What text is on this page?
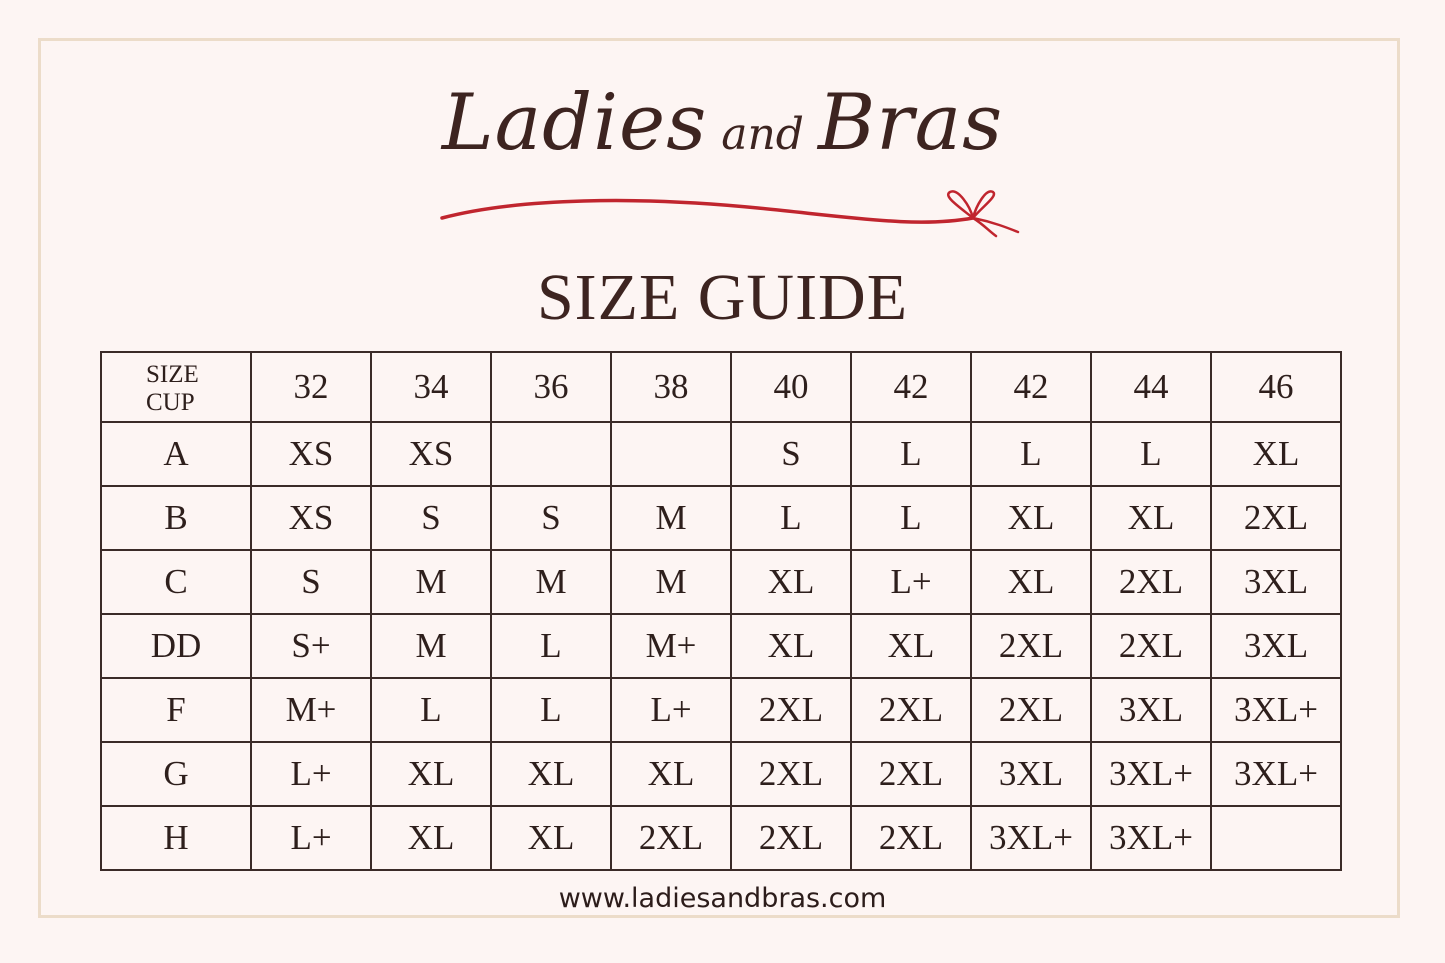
Ladies and Bras
SIZE GUIDE
SIZE
CUP	32	34	36	38	40	42	42	44	46
A	XS	XS			S	L	L	L	XL
B	XS	S	S	M	L	L	XL	XL	2XL
C	S	M	M	M	XL	L+	XL	2XL	3XL
DD	S+	M	L	M+	XL	XL	2XL	2XL	3XL
F	M+	L	L	L+	2XL	2XL	2XL	3XL	3XL+
G	L+	XL	XL	XL	2XL	2XL	3XL	3XL+	3XL+
H	L+	XL	XL	2XL	2XL	2XL	3XL+	3XL+	
www.ladiesandbras.com
